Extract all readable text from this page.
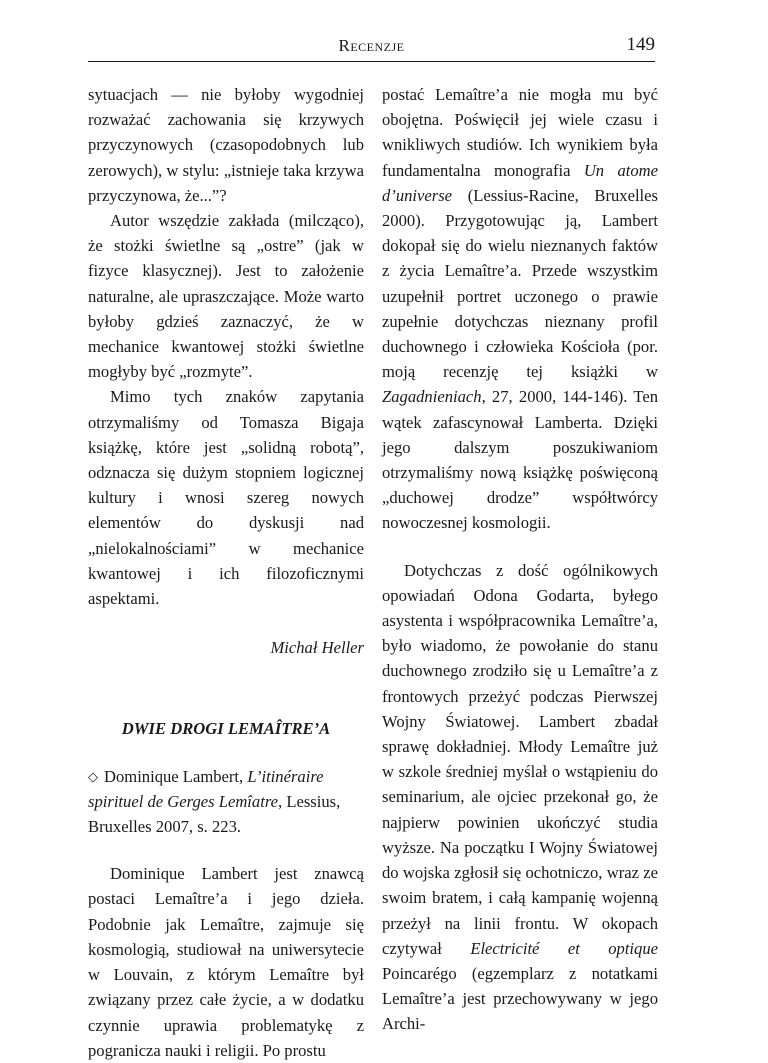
Recenzje	149

sytuacjach — nie byłoby wygodniej rozważać zachowania się krzywych przyczynowych (czasopodobnych lub zerowych), w stylu: „istnieje taka krzywa przyczynowa, że...”?

Autor wszędzie zakłada (milcząco), że stożki świetlne są „ostre” (jak w fizyce klasycznej). Jest to założenie naturalne, ale upraszczające. Może warto byłoby gdzieś zaznaczyć, że w mechanice kwantowej stożki świetlne mogłyby być „rozmyte”.

Mimo tych znaków zapytania otrzymaliśmy od Tomasza Bigaja książkę, które jest „solidną robotą”, odznacza się dużym stopniem logicznej kultury i wnosi szereg nowych elementów do dyskusji nad „nielokalnościami” w mechanice kwantowej i ich filozoficznymi aspektami.

Michał Heller

DWIE DROGI LEMAÎTRE’A

◇ Dominique Lambert, L’itinéraire spirituel de Gerges Lemîatre, Lessius, Bruxelles 2007, s. 223.

Dominique Lambert jest znawcą postaci Lemaître’a i jego dzieła. Podobnie jak Lemaître, zajmuje się kosmologią, studiował na uniwersytecie w Louvain, z którym Lemaître był związany przez całe życie, a w dodatku czynnie uprawia problematykę z pogranicza nauki i religii. Po prostu

postać Lemaître’a nie mogła mu być obojętna. Poświęcił jej wiele czasu i wnikliwych studiów. Ich wynikiem była fundamentalna monografia Un atome d’universe (Lessius-Racine, Bruxelles 2000). Przygotowując ją, Lambert dokopał się do wielu nieznanych faktów z życia Lemaître’a. Przede wszystkim uzupełnił portret uczonego o prawie zupełnie dotychczas nieznany profil duchownego i człowieka Kościoła (por. moją recenzję tej książki w Zagadnieniach, 27, 2000, 144-146). Ten wątek zafascynował Lamberta. Dzięki jego dalszym poszukiwaniom otrzymaliśmy nową książkę poświęconą „duchowej drodze” współtwórcy nowoczesnej kosmologii.

Dotychczas z dość ogólnikowych opowiadań Odona Godarta, byłego asystenta i współpracownika Lemaître’a, było wiadomo, że powołanie do stanu duchownego zrodziło się u Lemaître’a z frontowych przeżyć podczas Pierwszej Wojny Światowej. Lambert zbadał sprawę dokładniej. Młody Lemaître już w szkole średniej myślał o wstąpieniu do seminarium, ale ojciec przekonał go, że najpierw powinien ukończyć studia wyższe. Na początku I Wojny Światowej do wojska zgłosił się ochotniczo, wraz ze swoim bratem, i całą kampanię wojenną przeżył na linii frontu. W okopach czytywał Electricité et optique Poincarégo (egzemplarz z notatkami Lemaître’a jest przechowywany w jego Archi-
